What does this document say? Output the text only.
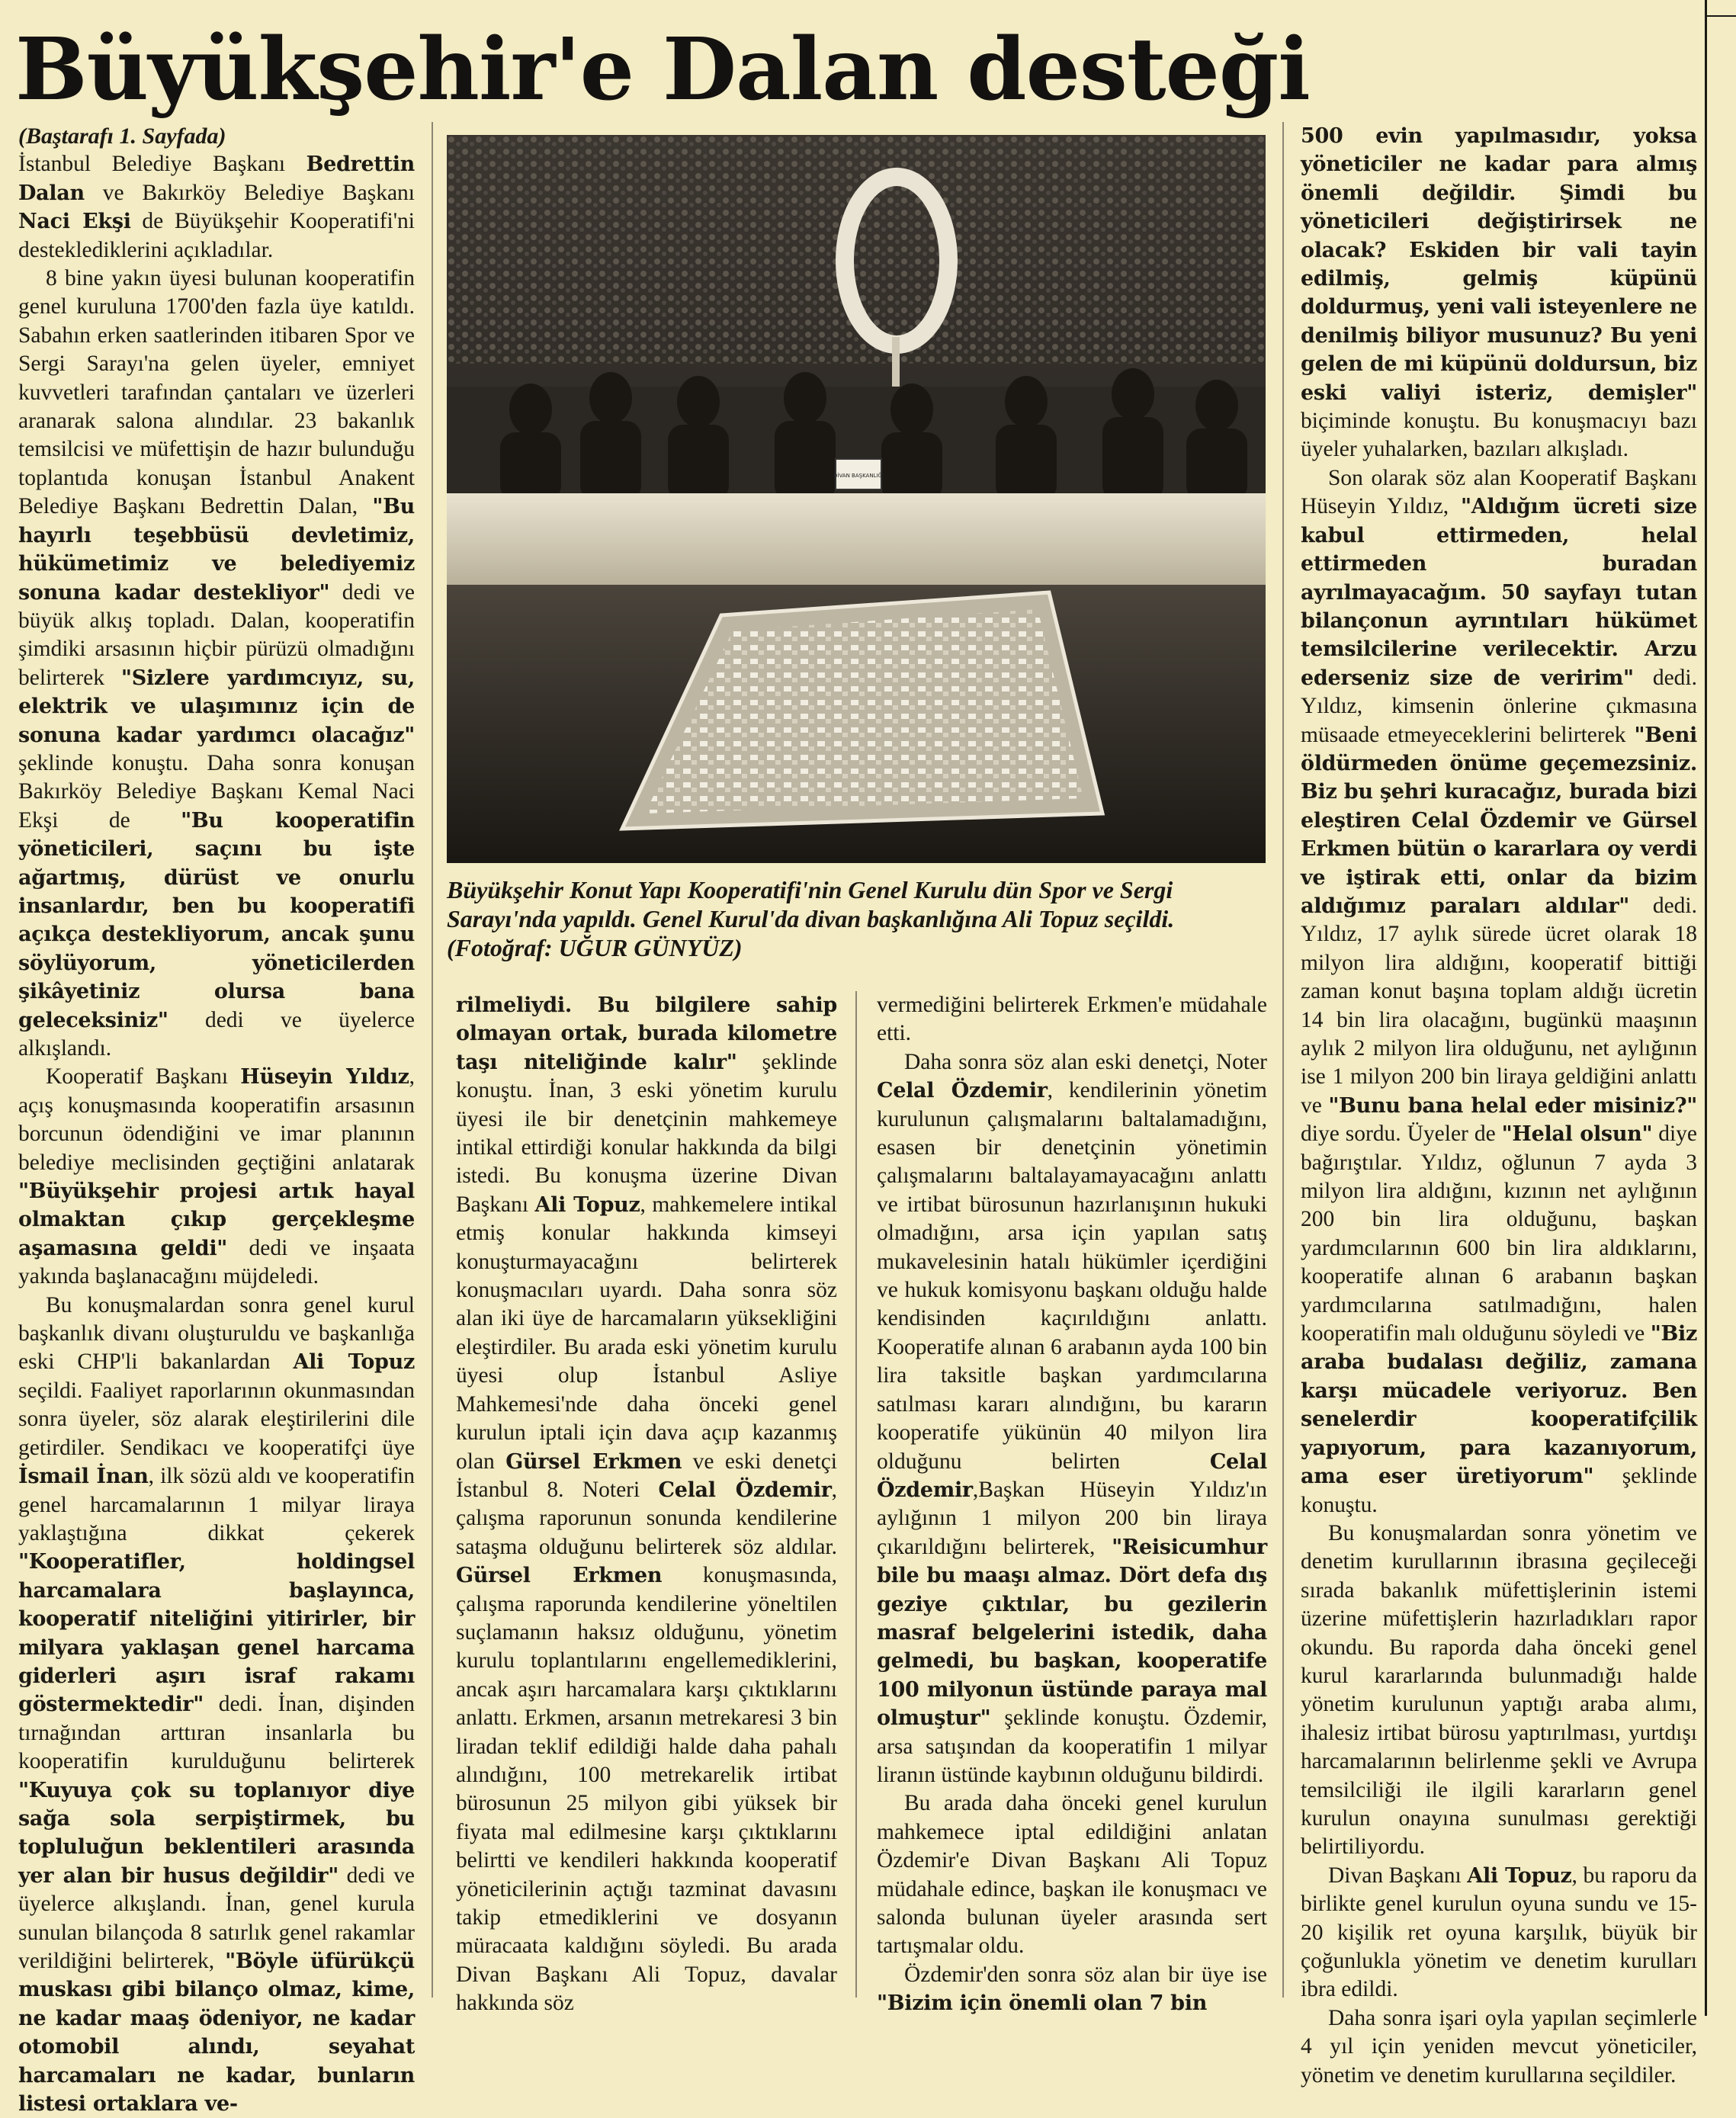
Büyükşehir'e Dalan desteği
(Baştarafı 1. Sayfada)

İstanbul Belediye Başkanı Bedrettin Dalan ve Bakırköy Belediye Başkanı Naci Ekşi de Büyükşehir Kooperatifi'ni desteklediklerini açıkladılar.

8 bine yakın üyesi bulunan kooperatifin genel kuruluna 1700'den fazla üye katıldı. Sabahın erken saatlerinden itibaren Spor ve Sergi Sarayı'na gelen üyeler, emniyet kuvvetleri tarafından çantaları ve üzerleri aranarak salona alındılar. 23 bakanlık temsilcisi ve müfettişin de hazır bulunduğu toplantıda konuşan İstanbul Anakent Belediye Başkanı Bedrettin Dalan, "Bu hayırlı teşebbüsü devletimiz, hükümetimiz ve belediyemiz sonuna kadar destekliyor" dedi ve büyük alkış topladı. Dalan, kooperatifin şimdiki arsasının hiçbir pürüzü olmadığını belirterek "Sizlere yardımcıyız, su, elektrik ve ulaşımınız için de sonuna kadar yardımcı olacağız" şeklinde konuştu. Daha sonra konuşan Bakırköy Belediye Başkanı Kemal Naci Ekşi de "Bu kooperatifin yöneticileri, saçını bu işte ağartmış, dürüst ve onurlu insanlardır, ben bu kooperatifi açıkça destekliyorum, ancak şunu söylüyorum, yöneticilerden şikâyetiniz olursa bana geleceksiniz" dedi ve üyelerce alkışlandı.

Kooperatif Başkanı Hüseyin Yıldız, açış konuşmasında kooperatifin arsasının borcunun ödendiğini ve imar planının belediye meclisinden geçtiğini anlatarak "Büyükşehir projesi artık hayal olmaktan çıkıp gerçekleşme aşamasına geldi" dedi ve inşaata yakında başlanacağını müjdeledi.

Bu konuşmalardan sonra genel kurul başkanlık divanı oluşturuldu ve başkanlığa eski CHP'li bakanlardan Ali Topuz seçildi. Faaliyet raporlarının okunmasından sonra üyeler, söz alarak eleştirilerini dile getirdiler. Sendikacı ve kooperatifçi üye İsmail İnan, ilk sözü aldı ve kooperatifin genel harcamalarının 1 milyar liraya yaklaştığına dikkat çekerek "Kooperatifler, holdingsel harcamalara başlayınca, kooperatif niteliğini yitirirler, bir milyara yaklaşan genel harcama giderleri aşırı israf rakamı göstermektedir" dedi. İnan, dişinden tırnağından arttıran insanlarla bu kooperatifin kurulduğunu belirterek "Kuyuya çok su toplanıyor diye sağa sola serpiştirmek, bu topluluğun beklentileri arasında yer alan bir husus değildir" dedi ve üyelerce alkışlandı. İnan, genel kurula sunulan bilançoda 8 satırlık genel rakamlar verildiğini belirterek, "Böyle üfürükçü muskası gibi bilanço olmaz, kime, ne kadar maaş ödeniyor, ne kadar otomobil alındı, seyahat harcamaları ne kadar, bunların listesi ortaklara ve-

DİVAN BAŞKANLIĞI

Büyükşehir Konut Yapı Kooperatifi'nin Genel Kurulu dün Spor ve Sergi Sarayı'nda yapıldı. Genel Kurul'da divan başkanlığına Ali Topuz seçildi. (Fotoğraf: UĞUR GÜNYÜZ)

rilmeliydi. Bu bilgilere sahip olmayan ortak, burada kilometre taşı niteliğinde kalır" şeklinde konuştu. İnan, 3 eski yönetim kurulu üyesi ile bir denetçinin mahkemeye intikal ettirdiği konular hakkında da bilgi istedi. Bu konuşma üzerine Divan Başkanı Ali Topuz, mahkemelere intikal etmiş konular hakkında kimseyi konuşturmayacağını belirterek konuşmacıları uyardı. Daha sonra söz alan iki üye de harcamaların yüksekliğini eleştirdiler. Bu arada eski yönetim kurulu üyesi olup İstanbul Asliye Mahkemesi'nde daha önceki genel kurulun iptali için dava açıp kazanmış olan Gürsel Erkmen ve eski denetçi İstanbul 8. Noteri Celal Özdemir, çalışma raporunun sonunda kendilerine sataşma olduğunu belirterek söz aldılar. Gürsel Erkmen konuşmasında, çalışma raporunda kendilerine yöneltilen suçlamanın haksız olduğunu, yönetim kurulu toplantılarını engellemediklerini, ancak aşırı harcamalara karşı çıktıklarını anlattı. Erkmen, arsanın metrekaresi 3 bin liradan teklif edildiği halde daha pahalı alındığını, 100 metrekarelik irtibat bürosunun 25 milyon gibi yüksek bir fiyata mal edilmesine karşı çıktıklarını belirtti ve kendileri hakkında kooperatif yöneticilerinin açtığı tazminat davasını takip etmediklerini ve dosyanın müracaata kaldığını söyledi. Bu arada Divan Başkanı Ali Topuz, davalar hakkında söz

vermediğini belirterek Erkmen'e müdahale etti.

Daha sonra söz alan eski denetçi, Noter Celal Özdemir, kendilerinin yönetim kurulunun çalışmalarını baltalamadığını, esasen bir denetçinin yönetimin çalışmalarını baltalayamayacağını anlattı ve irtibat bürosunun hazırlanışının hukuki olmadığını, arsa için yapılan satış mukavelesinin hatalı hükümler içerdiğini ve hukuk komisyonu başkanı olduğu halde kendisinden kaçırıldığını anlattı. Kooperatife alınan 6 arabanın ayda 100 bin lira taksitle başkan yardımcılarına satılması kararı alındığını, bu kararın kooperatife yükünün 40 milyon lira olduğunu belirten Celal Özdemir,Başkan Hüseyin Yıldız'ın aylığının 1 milyon 200 bin liraya çıkarıldığını belirterek, "Reisicumhur bile bu maaşı almaz. Dört defa dış geziye çıktılar, bu gezilerin masraf belgelerini istedik, daha gelmedi, bu başkan, kooperatife 100 milyonun üstünde paraya mal olmuştur" şeklinde konuştu. Özdemir, arsa satışından da kooperatifin 1 milyar liranın üstünde kaybının olduğunu bildirdi.

Bu arada daha önceki genel kurulun mahkemece iptal edildiğini anlatan Özdemir'e Divan Başkanı Ali Topuz müdahale edince, başkan ile konuşmacı ve salonda bulunan üyeler arasında sert tartışmalar oldu.

Özdemir'den sonra söz alan bir üye ise "Bizim için önemli olan 7 bin

500 evin yapılmasıdır, yoksa yöneticiler ne kadar para almış önemli değildir. Şimdi bu yöneticileri değiştirirsek ne olacak? Eskiden bir vali tayin edilmiş, gelmiş küpünü doldurmuş, yeni vali isteyenlere ne denilmiş biliyor musunuz? Bu yeni gelen de mi küpünü doldursun, biz eski valiyi isteriz, demişler" biçiminde konuştu. Bu konuşmacıyı bazı üyeler yuhalarken, bazıları alkışladı.

Son olarak söz alan Kooperatif Başkanı Hüseyin Yıldız, "Aldığım ücreti size kabul ettirmeden, helal ettirmeden buradan ayrılmayacağım. 50 sayfayı tutan bilançonun ayrıntıları hükümet temsilcilerine verilecektir. Arzu ederseniz size de veririm" dedi. Yıldız, kimsenin önlerine çıkmasına müsaade etmeyeceklerini belirterek "Beni öldürmeden önüme geçemezsiniz. Biz bu şehri kuracağız, burada bizi eleştiren Celal Özdemir ve Gürsel Erkmen bütün o kararlara oy verdi ve iştirak etti, onlar da bizim aldığımız paraları aldılar" dedi. Yıldız, 17 aylık sürede ücret olarak 18 milyon lira aldığını, kooperatif bittiği zaman konut başına toplam aldığı ücretin 14 bin lira olacağını, bugünkü maaşının aylık 2 milyon lira olduğunu, net aylığının ise 1 milyon 200 bin liraya geldiğini anlattı ve "Bunu bana helal eder misiniz?" diye sordu. Üyeler de "Helal olsun" diye bağırıştılar. Yıldız, oğlunun 7 ayda 3 milyon lira aldığını, kızının net aylığının 200 bin lira olduğunu, başkan yardımcılarının 600 bin lira aldıklarını, kooperatife alınan 6 arabanın başkan yardımcılarına satılmadığını, halen kooperatifin malı olduğunu söyledi ve "Biz araba budalası değiliz, zamana karşı mücadele veriyoruz. Ben senelerdir kooperatifçilik yapıyorum, para kazanıyorum, ama eser üretiyorum" şeklinde konuştu.

Bu konuşmalardan sonra yönetim ve denetim kurullarının ibrasına geçileceği sırada bakanlık müfettişlerinin istemi üzerine müfettişlerin hazırladıkları rapor okundu. Bu raporda daha önceki genel kurul kararlarında bulunmadığı halde yönetim kurulunun yaptığı araba alımı, ihalesiz irtibat bürosu yaptırılması, yurtdışı harcamalarının belirlenme şekli ve Avrupa temsilciliği ile ilgili kararların genel kurulun onayına sunulması gerektiği belirtiliyordu.

Divan Başkanı Ali Topuz, bu raporu da birlikte genel kurulun oyuna sundu ve 15-20 kişilik ret oyuna karşılık, büyük bir çoğunlukla yönetim ve denetim kurulları ibra edildi.

Daha sonra işari oyla yapılan seçimlerle 4 yıl için yeniden mevcut yöneticiler, yönetim ve denetim kurullarına seçildiler.
